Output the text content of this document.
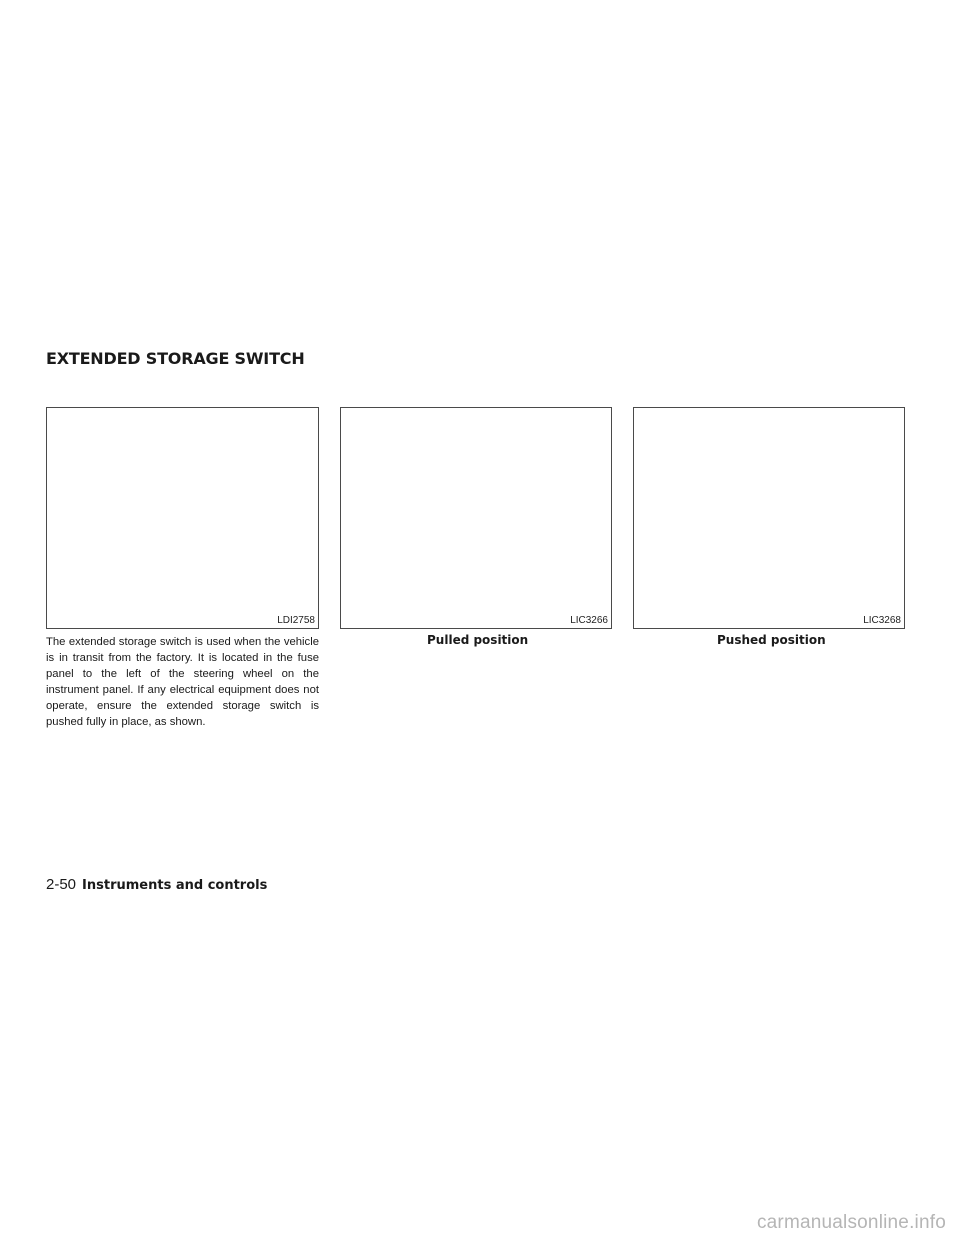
EXTENDED STORAGE SWITCH
LDI2758	LIC3266	LIC3268
Pulled position	Pushed position

The extended storage switch is used when the vehicle is in transit from the factory. It is located in the fuse panel to the left of the steering wheel on the instrument panel. If any electrical equipment does not operate, ensure the extended storage switch is pushed fully in place, as shown.

2-50 Instruments and controls
carmanualsonline.info
